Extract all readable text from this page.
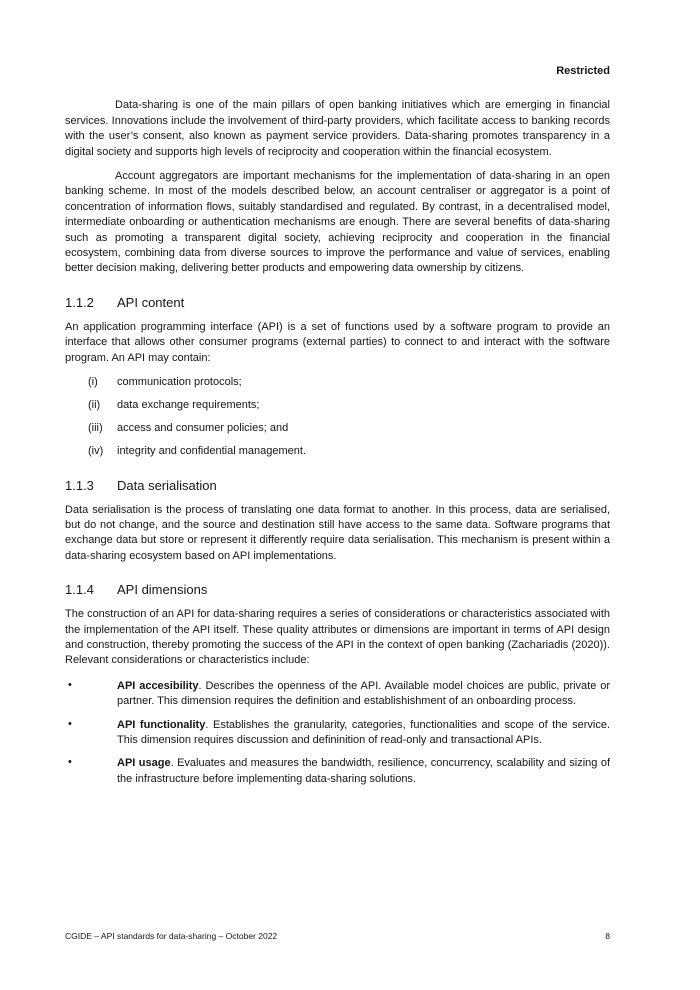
Restricted

Data-sharing is one of the main pillars of open banking initiatives which are emerging in financial services. Innovations include the involvement of third-party providers, which facilitate access to banking records with the user’s consent, also known as payment service providers. Data-sharing promotes transparency in a digital society and supports high levels of reciprocity and cooperation within the financial ecosystem.

Account aggregators are important mechanisms for the implementation of data-sharing in an open banking scheme. In most of the models described below, an account centraliser or aggregator is a point of concentration of information flows, suitably standardised and regulated. By contrast, in a decentralised model, intermediate onboarding or authentication mechanisms are enough. There are several benefits of data-sharing such as promoting a transparent digital society, achieving reciprocity and cooperation in the financial ecosystem, combining data from diverse sources to improve the performance and value of services, enabling better decision making, delivering better products and empowering data ownership by citizens.

1.1.2	API content

An application programming interface (API) is a set of functions used by a software program to provide an interface that allows other consumer programs (external parties) to connect to and interact with the software program. An API may contain:

(i) communication protocols;
(ii) data exchange requirements;
(iii) access and consumer policies; and
(iv) integrity and confidential management.
1.1.3	Data serialisation

Data serialisation is the process of translating one data format to another. In this process, data are serialised, but do not change, and the source and destination still have access to the same data. Software programs that exchange data but store or represent it differently require data serialisation. This mechanism is present within a data-sharing ecosystem based on API implementations.

1.1.4	API dimensions

The construction of an API for data-sharing requires a series of considerations or characteristics associated with the implementation of the API itself. These quality attributes or dimensions are important in terms of API design and construction, thereby promoting the success of the API in the context of open banking (Zachariadis (2020)). Relevant considerations or characteristics include:

•	API accesibility. Describes the openness of the API. Available model choices are public, private or partner. This dimension requires the definition and establishishment of an onboarding process.
•	API functionality. Establishes the granularity, categories, functionalities and scope of the service. This dimension requires discussion and defininition of read-only and transactional APIs.
•	API usage. Evaluates and measures the bandwidth, resilience, concurrency, scalability and sizing of the infrastructure before implementing data-sharing solutions.
CGIDE – API standards for data-sharing – October 2022	8
